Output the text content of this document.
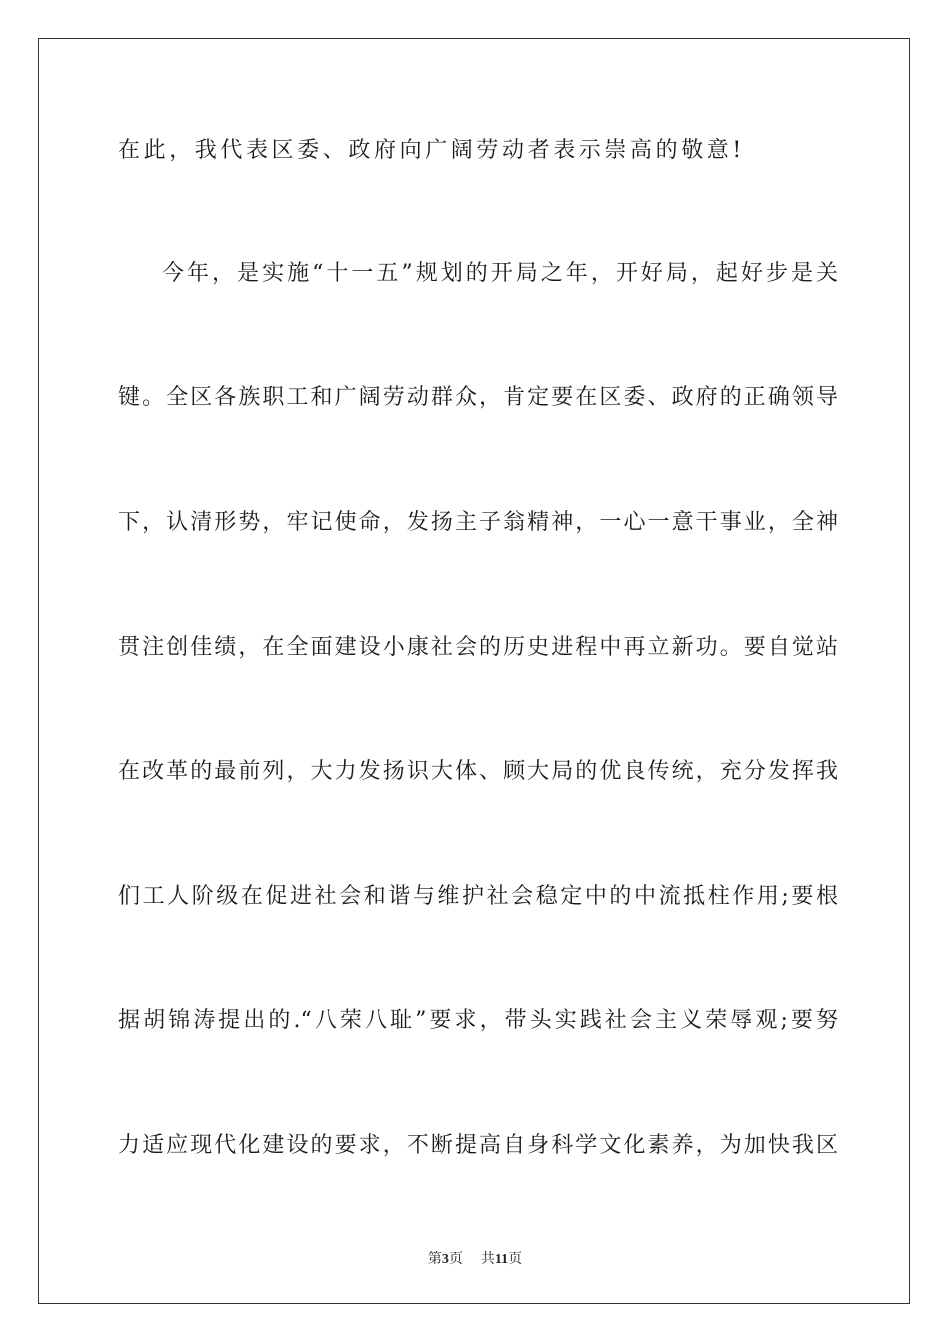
在此，我代表区委、政府向广阔劳动者表示崇高的敬意!
今年，是实施“十一五”规划的开局之年，开好局，起好步是关
键。全区各族职工和广阔劳动群众，肯定要在区委、政府的正确领导
下，认清形势，牢记使命，发扬主子翁精神，一心一意干事业，全神
贯注创佳绩，在全面建设小康社会的历史进程中再立新功。要自觉站
在改革的最前列，大力发扬识大体、顾大局的优良传统，充分发挥我
们工人阶级在促进社会和谐与维护社会稳定中的中流抵柱作用;要根
据胡锦涛提出的.“八荣八耻”要求，带头实践社会主义荣辱观;要努
力适应现代化建设的要求，不断提高自身科学文化素养，为加快我区
第3页 共11页
